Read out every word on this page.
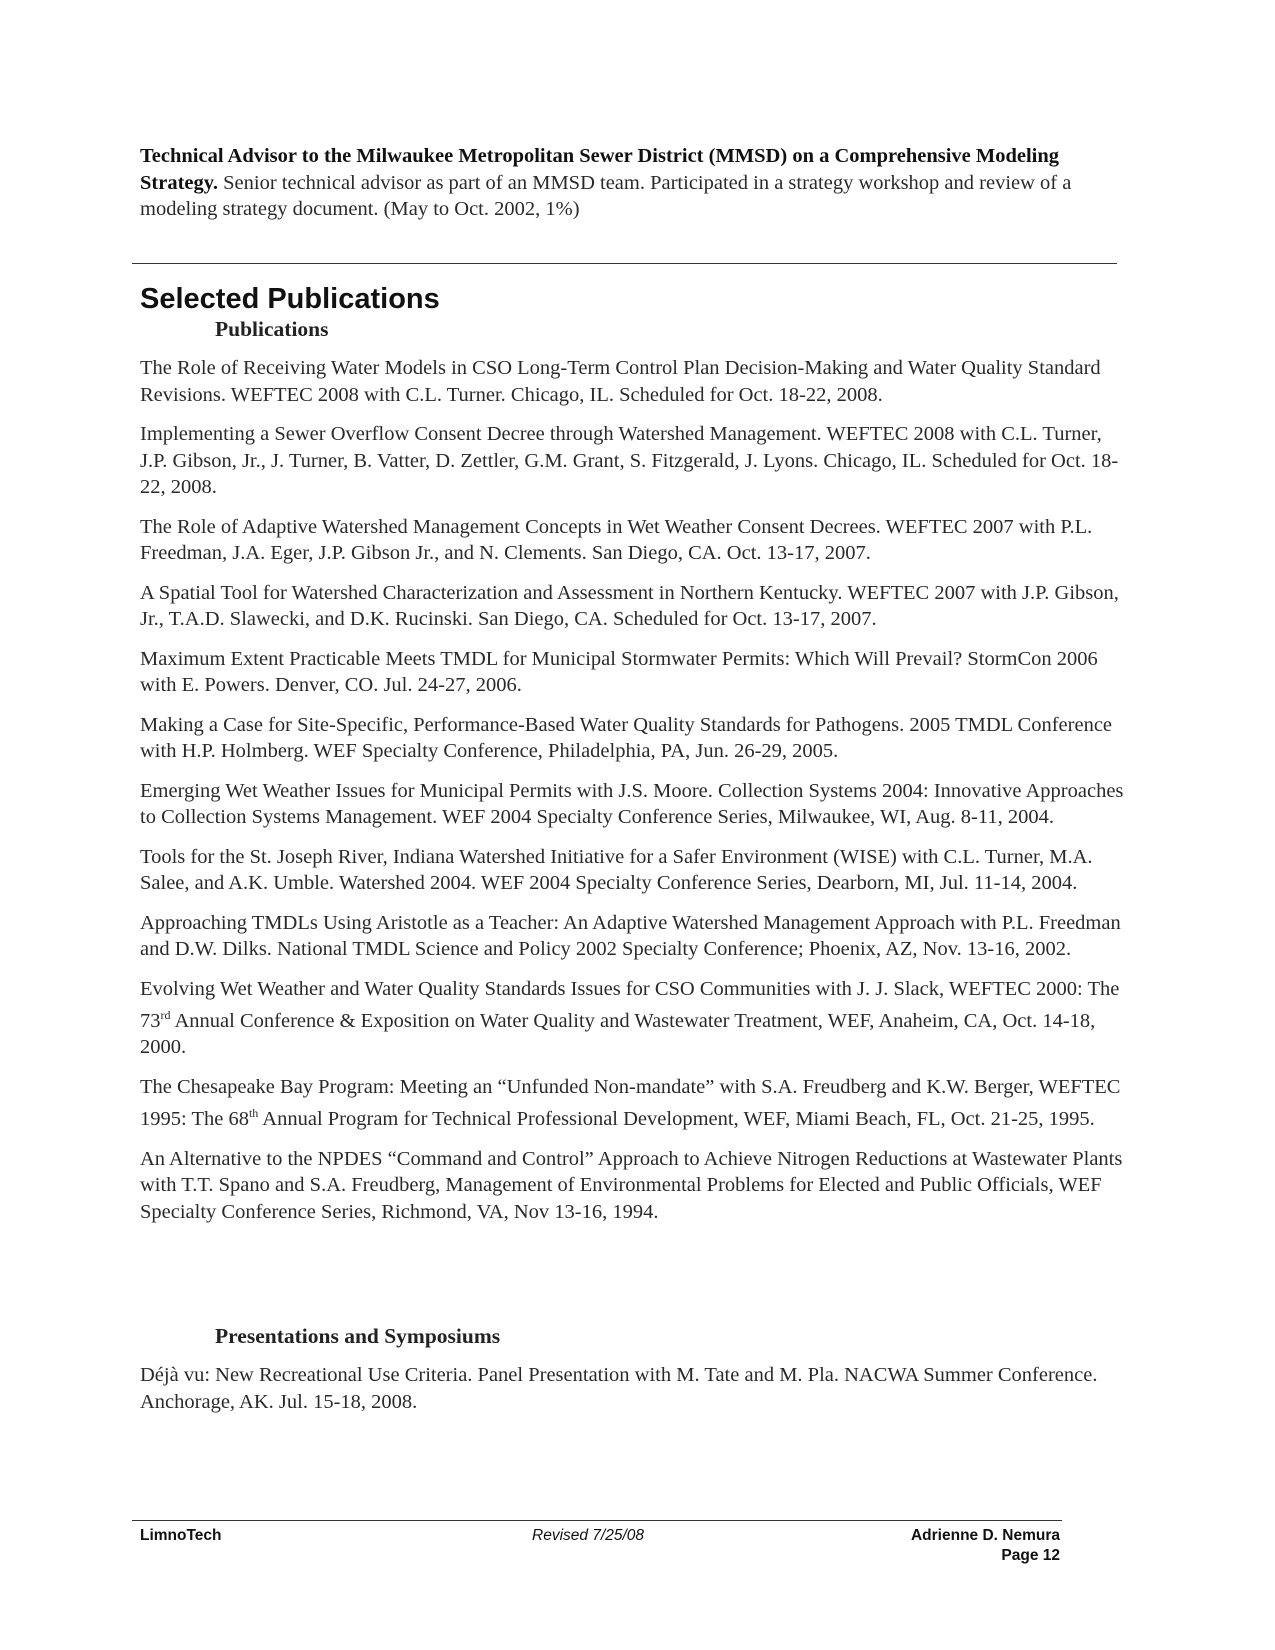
Technical Advisor to the Milwaukee Metropolitan Sewer District (MMSD) on a Comprehensive Modeling Strategy. Senior technical advisor as part of an MMSD team. Participated in a strategy workshop and review of a modeling strategy document. (May to Oct. 2002, 1%)

Selected Publications
Publications

The Role of Receiving Water Models in CSO Long-Term Control Plan Decision-Making and Water Quality Standard Revisions. WEFTEC 2008 with C.L. Turner. Chicago, IL. Scheduled for Oct. 18-22, 2008.

Implementing a Sewer Overflow Consent Decree through Watershed Management. WEFTEC 2008 with C.L. Turner, J.P. Gibson, Jr., J. Turner, B. Vatter, D. Zettler, G.M. Grant, S. Fitzgerald, J. Lyons. Chicago, IL. Scheduled for Oct. 18-22, 2008.

The Role of Adaptive Watershed Management Concepts in Wet Weather Consent Decrees. WEFTEC 2007 with P.L. Freedman, J.A. Eger, J.P. Gibson Jr., and N. Clements. San Diego, CA. Oct. 13-17, 2007.

A Spatial Tool for Watershed Characterization and Assessment in Northern Kentucky. WEFTEC 2007 with J.P. Gibson, Jr., T.A.D. Slawecki, and D.K. Rucinski. San Diego, CA. Scheduled for Oct. 13-17, 2007.

Maximum Extent Practicable Meets TMDL for Municipal Stormwater Permits: Which Will Prevail? StormCon 2006 with E. Powers. Denver, CO. Jul. 24-27, 2006.

Making a Case for Site-Specific, Performance-Based Water Quality Standards for Pathogens. 2005 TMDL Conference with H.P. Holmberg. WEF Specialty Conference, Philadelphia, PA, Jun. 26-29, 2005.

Emerging Wet Weather Issues for Municipal Permits with J.S. Moore. Collection Systems 2004: Innovative Approaches to Collection Systems Management. WEF 2004 Specialty Conference Series, Milwaukee, WI, Aug. 8-11, 2004.

Tools for the St. Joseph River, Indiana Watershed Initiative for a Safer Environment (WISE) with C.L. Turner, M.A. Salee, and A.K. Umble. Watershed 2004. WEF 2004 Specialty Conference Series, Dearborn, MI, Jul. 11-14, 2004.

Approaching TMDLs Using Aristotle as a Teacher: An Adaptive Watershed Management Approach with P.L. Freedman and D.W. Dilks. National TMDL Science and Policy 2002 Specialty Conference; Phoenix, AZ, Nov. 13-16, 2002.

Evolving Wet Weather and Water Quality Standards Issues for CSO Communities with J. J. Slack, WEFTEC 2000: The 73rd Annual Conference & Exposition on Water Quality and Wastewater Treatment, WEF, Anaheim, CA, Oct. 14-18, 2000.

The Chesapeake Bay Program: Meeting an “Unfunded Non-mandate” with S.A. Freudberg and K.W. Berger, WEFTEC 1995: The 68th Annual Program for Technical Professional Development, WEF, Miami Beach, FL, Oct. 21-25, 1995.

An Alternative to the NPDES “Command and Control” Approach to Achieve Nitrogen Reductions at Wastewater Plants with T.T. Spano and S.A. Freudberg, Management of Environmental Problems for Elected and Public Officials, WEF Specialty Conference Series, Richmond, VA, Nov 13-16, 1994.

Presentations and Symposiums

Déjà vu: New Recreational Use Criteria. Panel Presentation with M. Tate and M. Pla. NACWA Summer Conference. Anchorage, AK. Jul. 15-18, 2008.

LimnoTech	Revised 7/25/08	Adrienne D. Nemura
Page 12
